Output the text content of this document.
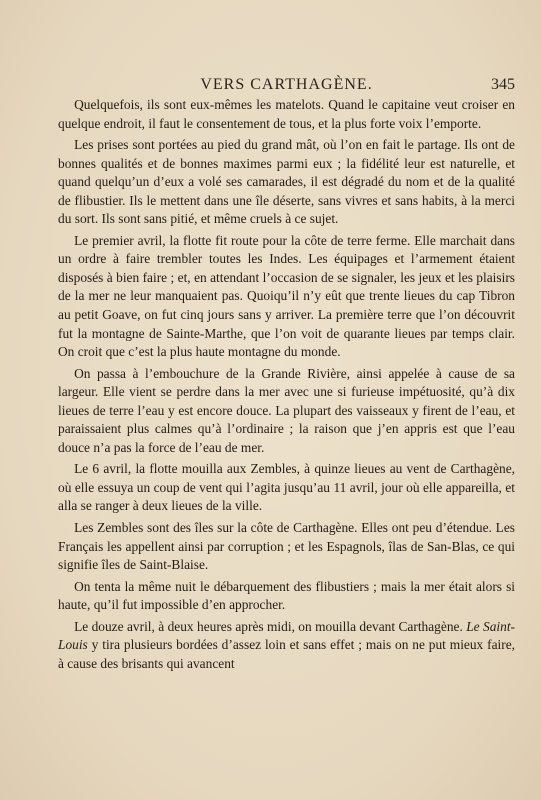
VERS CARTHAGÈNE.	345

Quelquefois, ils sont eux-mêmes les matelots. Quand le capitaine veut croiser en quelque endroit, il faut le consentement de tous, et la plus forte voix l’emporte.

Les prises sont portées au pied du grand mât, où l’on en fait le partage. Ils ont de bonnes qualités et de bonnes maximes parmi eux ; la fidélité leur est naturelle, et quand quelqu’un d’eux a volé ses camarades, il est dégradé du nom et de la qualité de flibustier. Ils le mettent dans une île déserte, sans vivres et sans habits, à la merci du sort. Ils sont sans pitié, et même cruels à ce sujet.

Le premier avril, la flotte fit route pour la côte de terre ferme. Elle marchait dans un ordre à faire trembler toutes les Indes. Les équipages et l’armement étaient disposés à bien faire ; et, en attendant l’occasion de se signaler, les jeux et les plaisirs de la mer ne leur manquaient pas. Quoiqu’il n’y eût que trente lieues du cap Tibron au petit Goave, on fut cinq jours sans y arriver. La première terre que l’on découvrit fut la montagne de Sainte-Marthe, que l’on voit de quarante lieues par temps clair. On croit que c’est la plus haute montagne du monde.

On passa à l’embouchure de la Grande Rivière, ainsi appelée à cause de sa largeur. Elle vient se perdre dans la mer avec une si furieuse impétuosité, qu’à dix lieues de terre l’eau y est encore douce. La plupart des vaisseaux y firent de l’eau, et paraissaient plus calmes qu’à l’ordinaire ; la raison que j’en appris est que l’eau douce n’a pas la force de l’eau de mer.

Le 6 avril, la flotte mouilla aux Zembles, à quinze lieues au vent de Carthagène, où elle essuya un coup de vent qui l’agita jusqu’au 11 avril, jour où elle appareilla, et alla se ranger à deux lieues de la ville.

Les Zembles sont des îles sur la côte de Carthagène. Elles ont peu d’étendue. Les Français les appellent ainsi par corruption ; et les Espagnols, îlas de San-Blas, ce qui signifie îles de Saint-Blaise.

On tenta la même nuit le débarquement des flibustiers ; mais la mer était alors si haute, qu’il fut impossible d’en approcher.

Le douze avril, à deux heures après midi, on mouilla devant Carthagène. Le Saint-Louis y tira plusieurs bordées d’assez loin et sans effet ; mais on ne put mieux faire, à cause des brisants qui avancent
